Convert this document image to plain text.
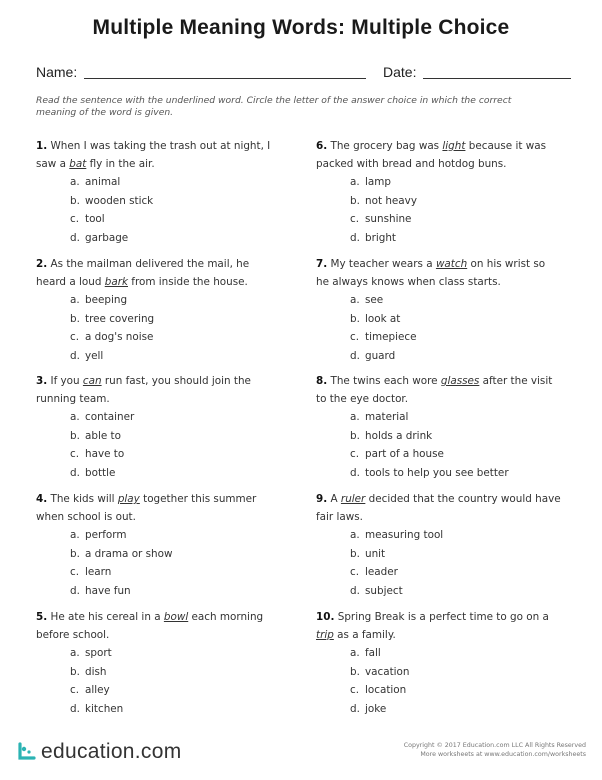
Multiple Meaning Words: Multiple Choice
Name:	Date:
Read the sentence with the underlined word. Circle the letter of the answer choice in which the correct meaning of the word is given.

1. When I was taking the trash out at night, I saw a bat fly in the air.

a. animal
b. wooden stick
c. tool
d. garbage

2. As the mailman delivered the mail, he heard a loud bark from inside the house.

a. beeping
b. tree covering
c. a dog's noise
d. yell

3. If you can run fast, you should join the running team.

a. container
b. able to
c. have to
d. bottle

4. The kids will play together this summer when school is out.

a. perform
b. a drama or show
c. learn
d. have fun

5. He ate his cereal in a bowl each morning before school.

a. sport
b. dish
c. alley
d. kitchen

6. The grocery bag was light because it was packed with bread and hotdog buns.

a. lamp
b. not heavy
c. sunshine
d. bright

7. My teacher wears a watch on his wrist so he always knows when class starts.

a. see
b. look at
c. timepiece
d. guard

8. The twins each wore glasses after the visit to the eye doctor.

a. material
b. holds a drink
c. part of a house
d. tools to help you see better

9. A ruler decided that the country would have fair laws.

a. measuring tool
b. unit
c. leader
d. subject

10. Spring Break is a perfect time to go on a trip as a family.

a. fall
b. vacation
c. location
d. joke
education.com	Copyright © 2017 Education.com LLC All Rights Reserved
More worksheets at www.education.com/worksheets
